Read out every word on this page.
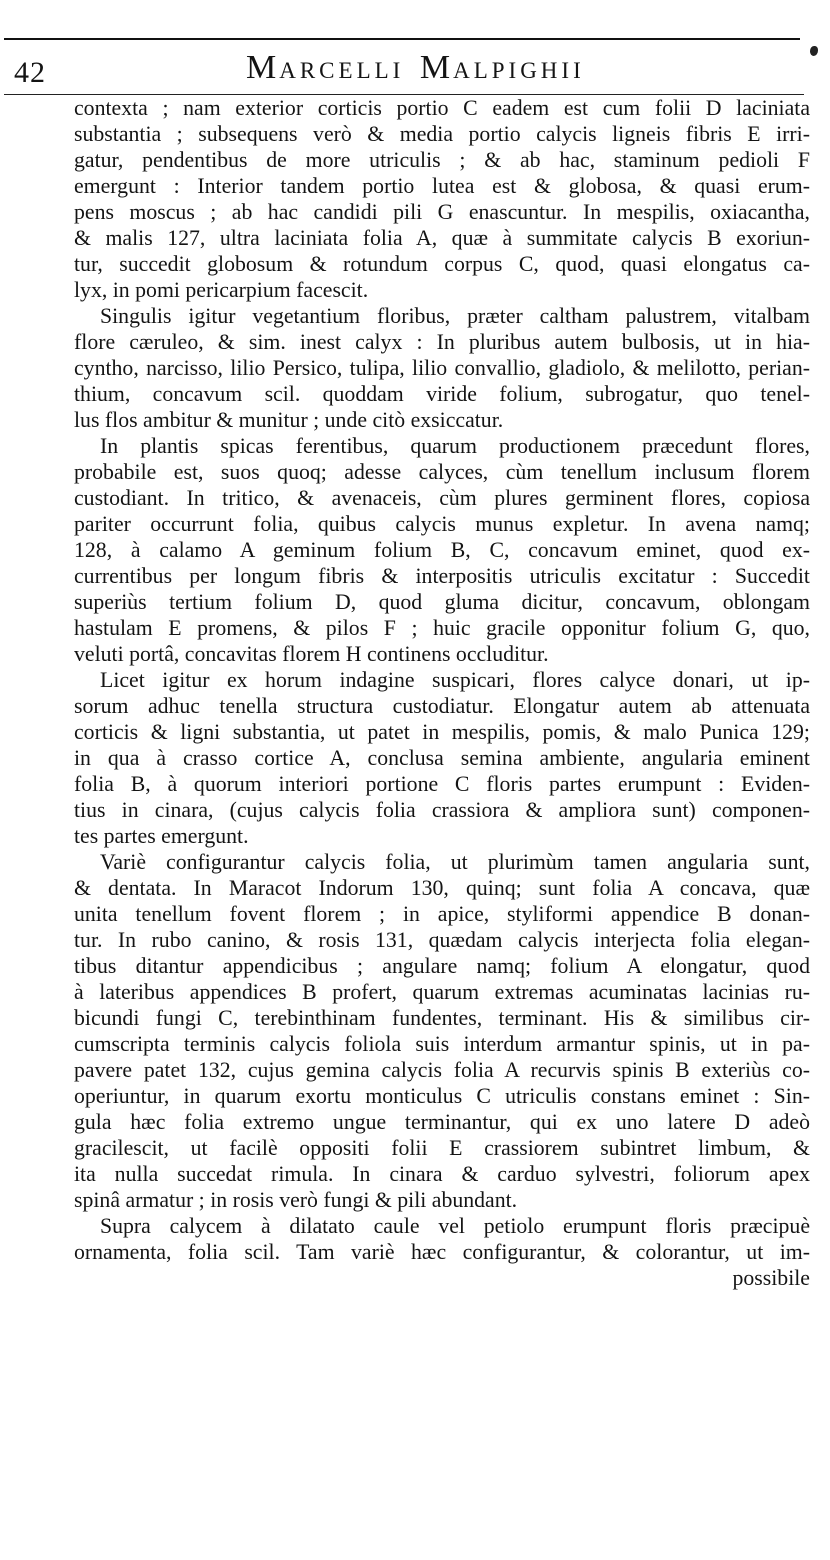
42	MARCELLI  MALPIGHII
contexta ; nam exterior corticis portio C eadem est cum folii D laciniata
substantia ; subsequens verò & media portio calycis ligneis fibris E irri-
gatur, pendentibus de more utriculis ; & ab hac, staminum pedioli F
emergunt : Interior tandem portio lutea est & globosa, & quasi erum-
pens moscus ; ab hac candidi pili G enascuntur. In mespilis, oxiacantha,
& malis 127, ultra laciniata folia A, quæ à summitate calycis B exoriun-
tur, succedit globosum & rotundum corpus C, quod, quasi elongatus ca-
lyx, in pomi pericarpium facescit.
Singulis igitur vegetantium floribus, præter caltham palustrem, vitalbam
flore cæruleo, & sim. inest calyx : In pluribus autem bulbosis, ut in hia-
cyntho, narcisso, lilio Persico, tulipa, lilio convallio, gladiolo, & melilotto, perian-
thium, concavum scil. quoddam viride folium, subrogatur, quo tenel-
lus flos ambitur & munitur ; unde citò exsiccatur.
In plantis spicas ferentibus, quarum productionem præcedunt flores,
probabile est, suos quoq; adesse calyces, cùm tenellum inclusum florem
custodiant. In tritico, & avenaceis, cùm plures germinent flores, copiosa
pariter occurrunt folia, quibus calycis munus expletur. In avena namq;
128, à calamo A geminum folium B, C, concavum eminet, quod ex-
currentibus per longum fibris & interpositis utriculis excitatur : Succedit
superiùs tertium folium D, quod gluma dicitur, concavum, oblongam
hastulam E promens, & pilos F ; huic gracile opponitur folium G, quo,
veluti portâ, concavitas florem H continens occluditur.
Licet igitur ex horum indagine suspicari, flores calyce donari, ut ip-
sorum adhuc tenella structura custodiatur. Elongatur autem ab attenuata
corticis & ligni substantia, ut patet in mespilis, pomis, & malo Punica 129;
in qua à crasso cortice A, conclusa semina ambiente, angularia eminent
folia B, à quorum interiori portione C floris partes erumpunt : Eviden-
tius in cinara, (cujus calycis folia crassiora & ampliora sunt) componen-
tes partes emergunt.
Variè configurantur calycis folia, ut plurimùm tamen angularia sunt,
& dentata. In Maracot Indorum 130, quinq; sunt folia A concava, quæ
unita tenellum fovent florem ; in apice, styliformi appendice B donan-
tur. In rubo canino, & rosis 131, quædam calycis interjecta folia elegan-
tibus ditantur appendicibus ; angulare namq; folium A elongatur, quod
à lateribus appendices B profert, quarum extremas acuminatas lacinias ru-
bicundi fungi C, terebinthinam fundentes, terminant. His & similibus cir-
cumscripta terminis calycis foliola suis interdum armantur spinis, ut in pa-
pavere patet 132, cujus gemina calycis folia A recurvis spinis B exteriùs co-
operiuntur, in quarum exortu monticulus C utriculis constans eminet : Sin-
gula hæc folia extremo ungue terminantur, qui ex uno latere D adeò
gracilescit, ut facilè oppositi folii E crassiorem subintret limbum, &
ita nulla succedat rimula. In cinara & carduo sylvestri, foliorum apex
spinâ armatur ; in rosis verò fungi & pili abundant.
Supra calycem à dilatato caule vel petiolo erumpunt floris præcipuè
ornamenta, folia scil. Tam variè hæc configurantur, & colorantur, ut im-
possibile
